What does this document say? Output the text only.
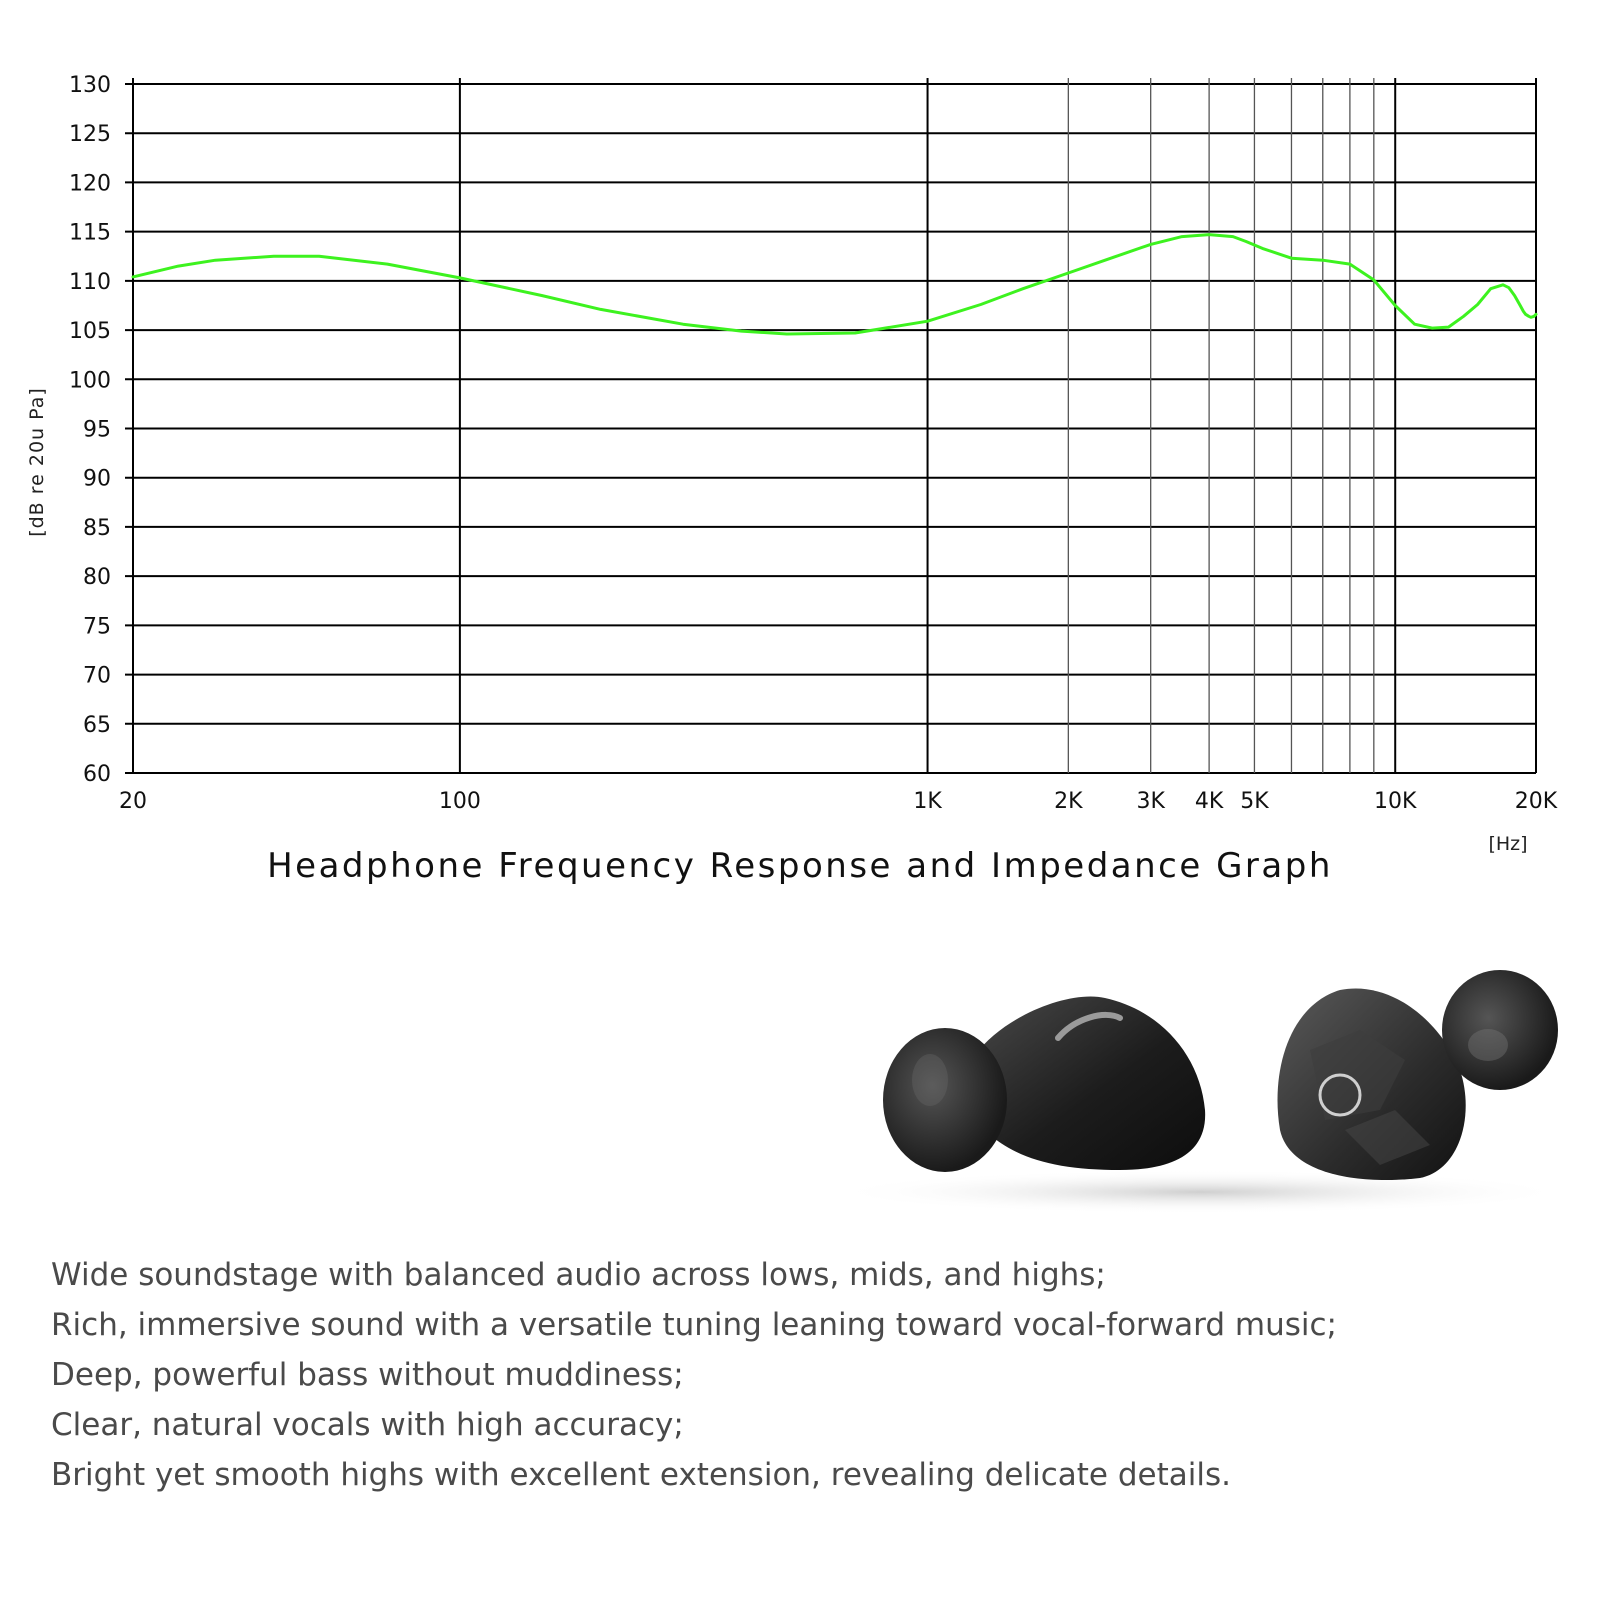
130
125
120
115
110
105
100
95
90
85
80
75
70
65
60
20	100	1K	2K 3K 4K 5K	10K	20K
[dB re 20u Pa]
[Hz]
Headphone Frequency Response and Impedance Graph
Wide soundstage with balanced audio across lows, mids, and highs;
Rich, immersive sound with a versatile tuning leaning toward vocal-forward music;
Deep, powerful bass without muddiness;
Clear, natural vocals with high accuracy;
Bright yet smooth highs with excellent extension, revealing delicate details.
